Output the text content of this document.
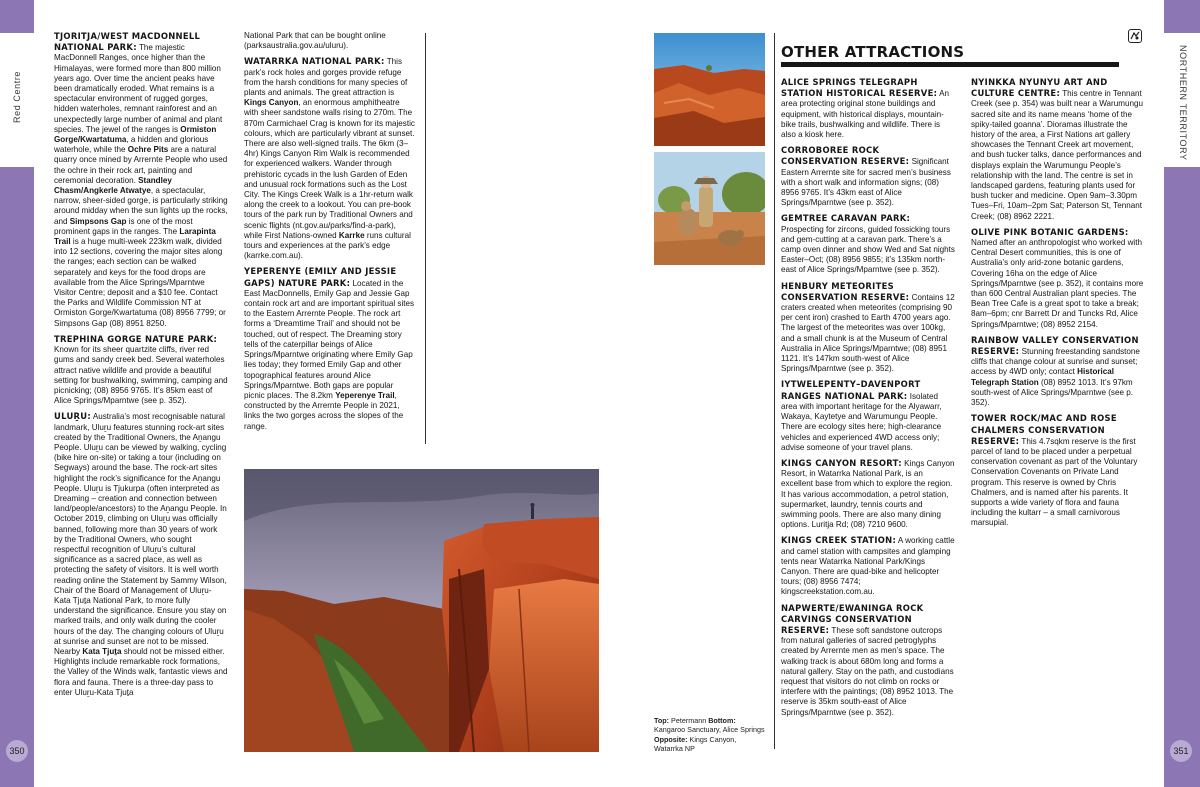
Red Centre
350

TJORITJA/WEST MACDONNELL NATIONAL PARK: The majestic MacDonnell Ranges, once higher than the Himalayas, were formed more than 800 million years ago. Over time the ancient peaks have been dramatically eroded. What remains is a spectacular environment of rugged gorges, hidden waterholes, remnant rainforest and an unexpectedly large number of animal and plant species. The jewel of the ranges is Ormiston Gorge/Kwartatuma, a hidden and glorious waterhole, while the Ochre Pits are a natural quarry once mined by Arrernte People who used the ochre in their rock art, painting and ceremonial decoration. Standley Chasm/Angkerle Atwatye, a spectacular, narrow, sheer-sided gorge, is particularly striking around midday when the sun lights up the rocks, and Simpsons Gap is one of the most prominent gaps in the ranges. The Larapinta Trail is a huge multi-week 223km walk, divided into 12 sections, covering the major sites along the ranges; each section can be walked separately and keys for the food drops are available from the Alice Springs/Mparntwe Visitor Centre; deposit and a $10 fee. Contact the Parks and Wildlife Commission NT at Ormiston Gorge/Kwartatuma (08) 8956 7799; or Simpsons Gap (08) 8951 8250.

TREPHINA GORGE NATURE PARK: Known for its sheer quartzite cliffs, river red gums and sandy creek bed. Several waterholes attract native wildlife and provide a beautiful setting for bushwalking, swimming, camping and picnicking; (08) 8956 9765. It’s 85km east of Alice Springs/Mparntwe (see p. 352).

ULUṞU: Australia’s most recognisable natural landmark, Uluṟu features stunning rock-art sites created by the Traditional Owners, the Aṉangu People. Uluṟu can be viewed by walking, cycling (bike hire on-site) or taking a tour (including on Segways) around the base. The rock-art sites highlight the rock’s significance for the Aṉangu People. Uluṟu is Tjukurpa (often interpreted as Dreaming – creation and connection between land/people/ancestors) to the Aṉangu People. In October 2019, climbing on Uluṟu was officially banned, following more than 30 years of work by the Traditional Owners, who sought respectful recognition of Uluṟu’s cultural significance as a sacred place, as well as protecting the safety of visitors. It is well worth reading online the Statement by Sammy Wilson, Chair of the Board of Management of Uluṟu-Kata Tjuṯa National Park, to more fully understand the significance. Ensure you stay on marked trails, and only walk during the cooler hours of the day. The changing colours of Uluṟu at sunrise and sunset are not to be missed. Nearby Kata Tjuṯa should not be missed either. Highlights include remarkable rock formations, the Valley of the Winds walk, fantastic views and flora and fauna. There is a three-day pass to enter Uluṟu-Kata Tjuṯa

National Park that can be bought online (parksaustralia.gov.au/uluru).

WATARRKA NATIONAL PARK: This park’s rock holes and gorges provide refuge from the harsh conditions for many species of plants and animals. The great attraction is Kings Canyon, an enormous amphitheatre with sheer sandstone walls rising to 270m. The 870m Carmichael Crag is known for its majestic colours, which are particularly vibrant at sunset. There are also well-signed trails. The 6km (3–4hr) Kings Canyon Rim Walk is recommended for experienced walkers. Wander through prehistoric cycads in the lush Garden of Eden and unusual rock formations such as the Lost City. The Kings Creek Walk is a 1hr-return walk along the creek to a lookout. You can pre-book tours of the park run by Traditional Owners and scenic flights (nt.gov.au/parks/find-a-park), while First Nations-owned Karrke runs cultural tours and experiences at the park’s edge (karrke.com.au).

YEPERENYE (EMILY AND JESSIE GAPS) NATURE PARK: Located in the East MacDonnells, Emily Gap and Jessie Gap contain rock art and are important spiritual sites to the Eastern Arrernte People. The rock art forms a ‘Dreamtime Trail’ and should not be touched, out of respect. The Dreaming story tells of the caterpillar beings of Alice Springs/Mparntwe originating where Emily Gap lies today; they formed Emily Gap and other topographical features around Alice Springs/Mparntwe. Both gaps are popular picnic places. The 8.2km Yeperenye Trail, constructed by the Arrernte People in 2021, links the two gorges across the slopes of the range.

NORTHERN TERRITORY
351
Top: Petermann Bottom: Kangaroo Sanctuary, Alice Springs Opposite: Kings Canyon, Watarrka NP
OTHER ATTRACTIONS

ALICE SPRINGS TELEGRAPH STATION HISTORICAL RESERVE: An area protecting original stone buildings and equipment, with historical displays, mountain-bike trails, bushwalking and wildlife. There is also a kiosk here.

CORROBOREE ROCK CONSERVATION RESERVE: Significant Eastern Arrernte site for sacred men’s business with a short walk and information signs; (08) 8956 9765. It’s 43km east of Alice Springs/Mparntwe (see p. 352).

GEMTREE CARAVAN PARK: Prospecting for zircons, guided fossicking tours and gem-cutting at a caravan park. There’s a camp oven dinner and show Wed and Sat nights Easter–Oct; (08) 8956 9855; it’s 135km north-east of Alice Springs/Mparntwe (see p. 352).

HENBURY METEORITES CONSERVATION RESERVE: Contains 12 craters created when meteorites (comprising 90 per cent iron) crashed to Earth 4700 years ago. The largest of the meteorites was over 100kg, and a small chunk is at the Museum of Central Australia in Alice Springs/Mparntwe; (08) 8951 1121. It’s 147km south-west of Alice Springs/Mparntwe (see p. 352).

IYTWELEPENTY–DAVENPORT RANGES NATIONAL PARK: Isolated area with important heritage for the Alyawarr, Wakaya, Kaytetye and Warumungu People. There are ecology sites here; high-clearance vehicles and experienced 4WD access only; advise someone of your travel plans.

KINGS CANYON RESORT: Kings Canyon Resort, in Watarrka National Park, is an excellent base from which to explore the region. It has various accommodation, a petrol station, supermarket, laundry, tennis courts and swimming pools. There are also many dining options. Luritja Rd; (08) 7210 9600.

KINGS CREEK STATION: A working cattle and camel station with campsites and glamping tents near Watarrka National Park/Kings Canyon. There are quad-bike and helicopter tours; (08) 8956 7474; kingscreekstation.com.au.

NAPWERTE/EWANINGA ROCK CARVINGS CONSERVATION RESERVE: These soft sandstone outcrops from natural galleries of sacred petroglyphs created by Arrernte men as men’s space. The walking track is about 680m long and forms a natural gallery. Stay on the path, and custodians request that visitors do not climb on rocks or interfere with the paintings; (08) 8952 1013. The reserve is 35km south-east of Alice Springs/Mparntwe (see p. 352).

NYINKKA NYUNYU ART AND CULTURE CENTRE: This centre in Tennant Creek (see p. 354) was built near a Warumungu sacred site and its name means ‘home of the spiky-tailed goanna’. Dioramas illustrate the history of the area, a First Nations art gallery showcases the Tennant Creek art movement, and bush tucker talks, dance performances and displays explain the Warumungu People’s relationship with the land. The centre is set in landscaped gardens, featuring plants used for bush tucker and medicine. Open 9am–3.30pm Tues–Fri, 10am–2pm Sat; Paterson St, Tennant Creek; (08) 8962 2221.

OLIVE PINK BOTANIC GARDENS: Named after an anthropologist who worked with Central Desert communities, this is one of Australia’s only arid-zone botanic gardens, Covering 16ha on the edge of Alice Springs/Mparntwe (see p. 352), it contains more than 600 Central Australian plant species. The Bean Tree Cafe is a great spot to take a break; 8am–6pm; cnr Barrett Dr and Tuncks Rd, Alice Springs/Mparntwe; (08) 8952 2154.

RAINBOW VALLEY CONSERVATION RESERVE: Stunning freestanding sandstone cliffs that change colour at sunrise and sunset; access by 4WD only; contact Historical Telegraph Station (08) 8952 1013. It’s 97km south-west of Alice Springs/Mparntwe (see p. 352).

TOWER ROCK/MAC AND ROSE CHALMERS CONSERVATION RESERVE: This 4.7sqkm reserve is the first parcel of land to be placed under a perpetual conservation covenant as part of the Voluntary Conservation Covenants on Private Land program. This reserve is owned by Chris Chalmers, and is named after his parents. It supports a wide variety of flora and fauna including the kultarr – a small carnivorous marsupial.
